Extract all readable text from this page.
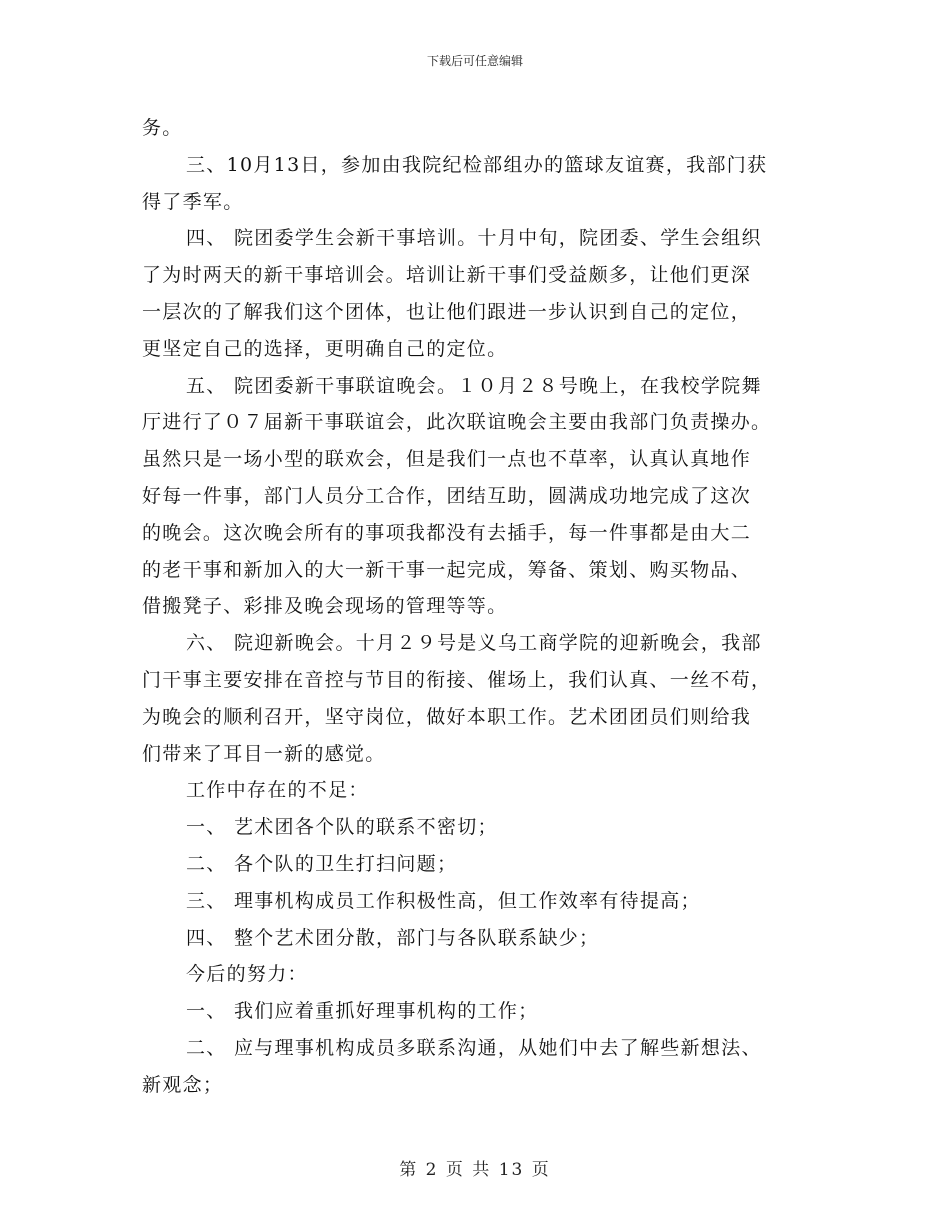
下载后可任意编辑
务。
三、10月13日，参加由我院纪检部组办的篮球友谊赛，我部门获
得了季军。
四、 院团委学生会新干事培训。十月中旬，院团委、学生会组织
了为时两天的新干事培训会。培训让新干事们受益颇多，让他们更深
一层次的了解我们这个团体，也让他们跟进一步认识到自己的定位，
更坚定自己的选择，更明确自己的定位。
五、 院团委新干事联谊晚会。１０月２８号晚上，在我校学院舞
厅进行了０７届新干事联谊会，此次联谊晚会主要由我部门负责操办。
虽然只是一场小型的联欢会，但是我们一点也不草率，认真认真地作
好每一件事，部门人员分工合作，团结互助，圆满成功地完成了这次
的晚会。这次晚会所有的事项我都没有去插手，每一件事都是由大二
的老干事和新加入的大一新干事一起完成，筹备、策划、购买物品、
借搬凳子、彩排及晚会现场的管理等等。
六、 院迎新晚会。十月２９号是义乌工商学院的迎新晚会，我部
门干事主要安排在音控与节目的衔接、催场上，我们认真、一丝不苟，
为晚会的顺利召开，坚守岗位，做好本职工作。艺术团团员们则给我
们带来了耳目一新的感觉。
工作中存在的不足：
一、 艺术团各个队的联系不密切；
二、 各个队的卫生打扫问题；
三、 理事机构成员工作积极性高，但工作效率有待提高；
四、 整个艺术团分散，部门与各队联系缺少；
今后的努力：
一、 我们应着重抓好理事机构的工作；
二、 应与理事机构成员多联系沟通，从她们中去了解些新想法、
新观念；
第 2 页 共 13 页
